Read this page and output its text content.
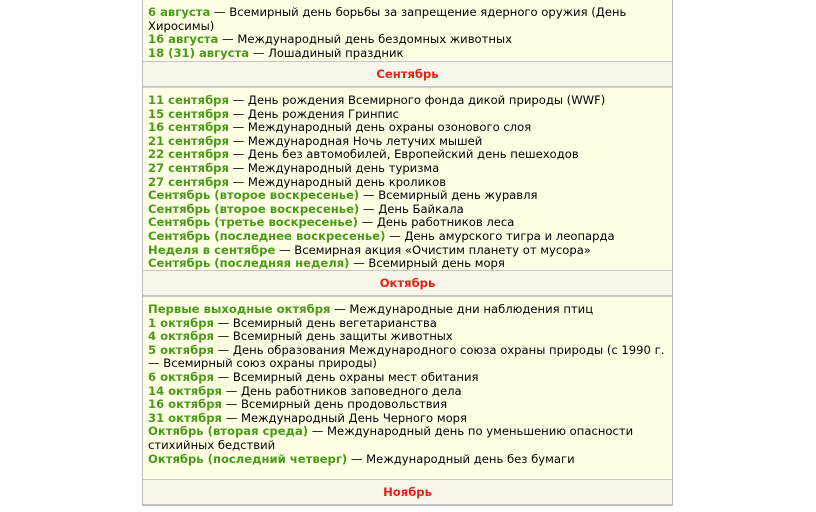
6 августа — Всемирный день борьбы за запрещение ядерного оружия (День Хиросимы)
16 августа — Международный день бездомных животных
18 (31) августа — Лошадиный праздник
Сентябрь
11 сентября — День рождения Всемирного фонда дикой природы (WWF)
15 сентября — День рождения Гринпис
16 сентября — Международный день охраны озонового слоя
21 сентября — Международная Ночь летучих мышей
22 сентября — День без автомобилей, Европейский день пешеходов
27 сентября — Международный день туризма
27 сентября — Международный день кроликов
Сентябрь (второе воскресенье) — Всемирный день журавля
Сентябрь (второе воскресенье) — День Байкала
Сентябрь (третье воскресенье) — День работников леса
Сентябрь (последнее воскресенье) — День амурского тигра и леопарда
Неделя в сентябре — Всемирная акция «Очистим планету от мусора»
Сентябрь (последняя неделя) — Всемирный день моря
Октябрь
Первые выходные октября — Международные дни наблюдения птиц
1 октября — Всемирный день вегетарианства
4 октября — Всемирный день защиты животных
5 октября — День образования Международного союза охраны природы (с 1990 г. — Всемирный союз охраны природы)
6 октября — Всемирный день охраны мест обитания
14 октября — День работников заповедного дела
16 октября — Всемирный день продовольствия
31 октября — Международный День Черного моря
Октябрь (вторая среда) — Международный день по уменьшению опасности стихийных бедствий
Октябрь (последний четверг) — Международный день без бумаги
Ноябрь
